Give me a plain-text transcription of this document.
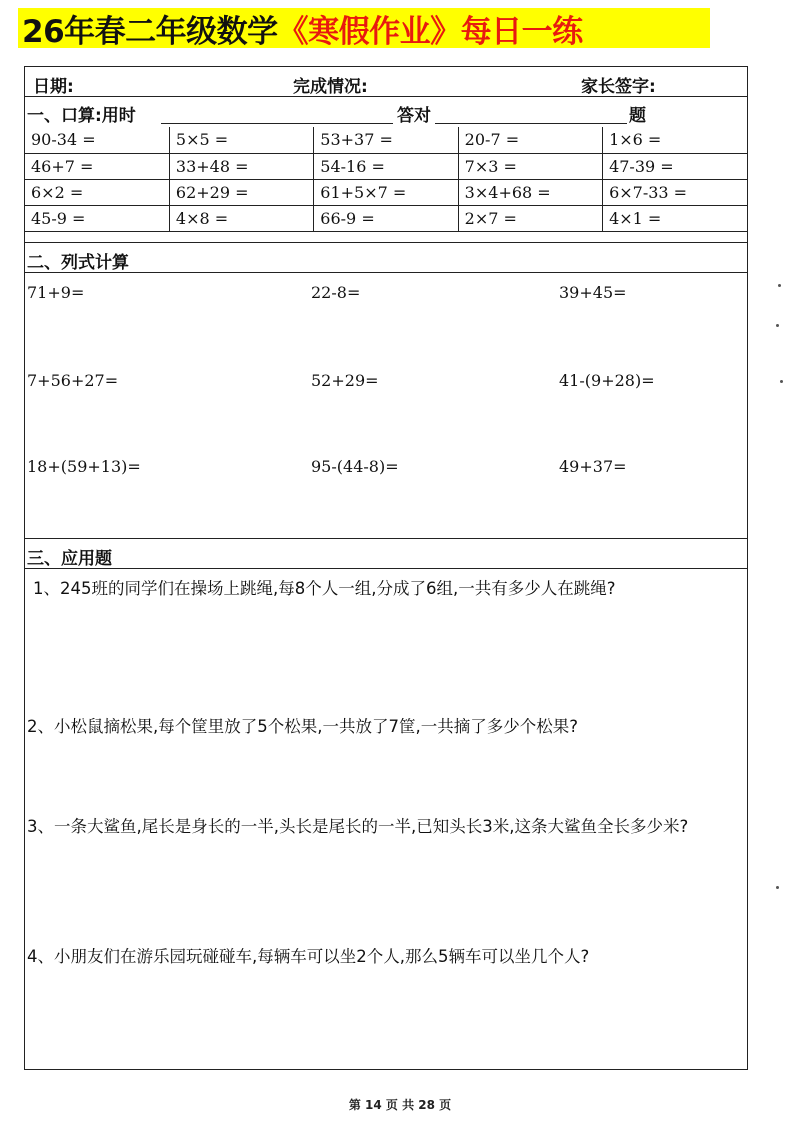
26年春二年级数学 《寒假作业》 每日一练
日期:	完成情况:	家长签字:
一、口算:用时	答对	题
90-34 =	5×5 =	53+37 =	20-7 =	1×6 =
46+7 =	33+48 =	54-16 =	7×3 =	47-39 =
6×2 =	62+29 =	61+5×7 =	3×4+68 =	6×7-33 =
45-9 =	4×8 =	66-9 =	2×7 =	4×1 =
二、列式计算
71+9=	22-8=	39+45=
7+56+27=	52+29=	41-(9+28)=
18+(59+13)=	95-(44-8)=	49+37=
三、应用题
1、245班的同学们在操场上跳绳,每8个人一组,分成了6组,一共有多少人在跳绳?
2、小松鼠摘松果,每个筐里放了5个松果,一共放了7筐,一共摘了多少个松果?
3、一条大鲨鱼,尾长是身长的一半,头长是尾长的一半,已知头长3米,这条大鲨鱼全长多少米?
4、小朋友们在游乐园玩碰碰车,每辆车可以坐2个人,那么5辆车可以坐几个人?
第 14 页 共 28 页
